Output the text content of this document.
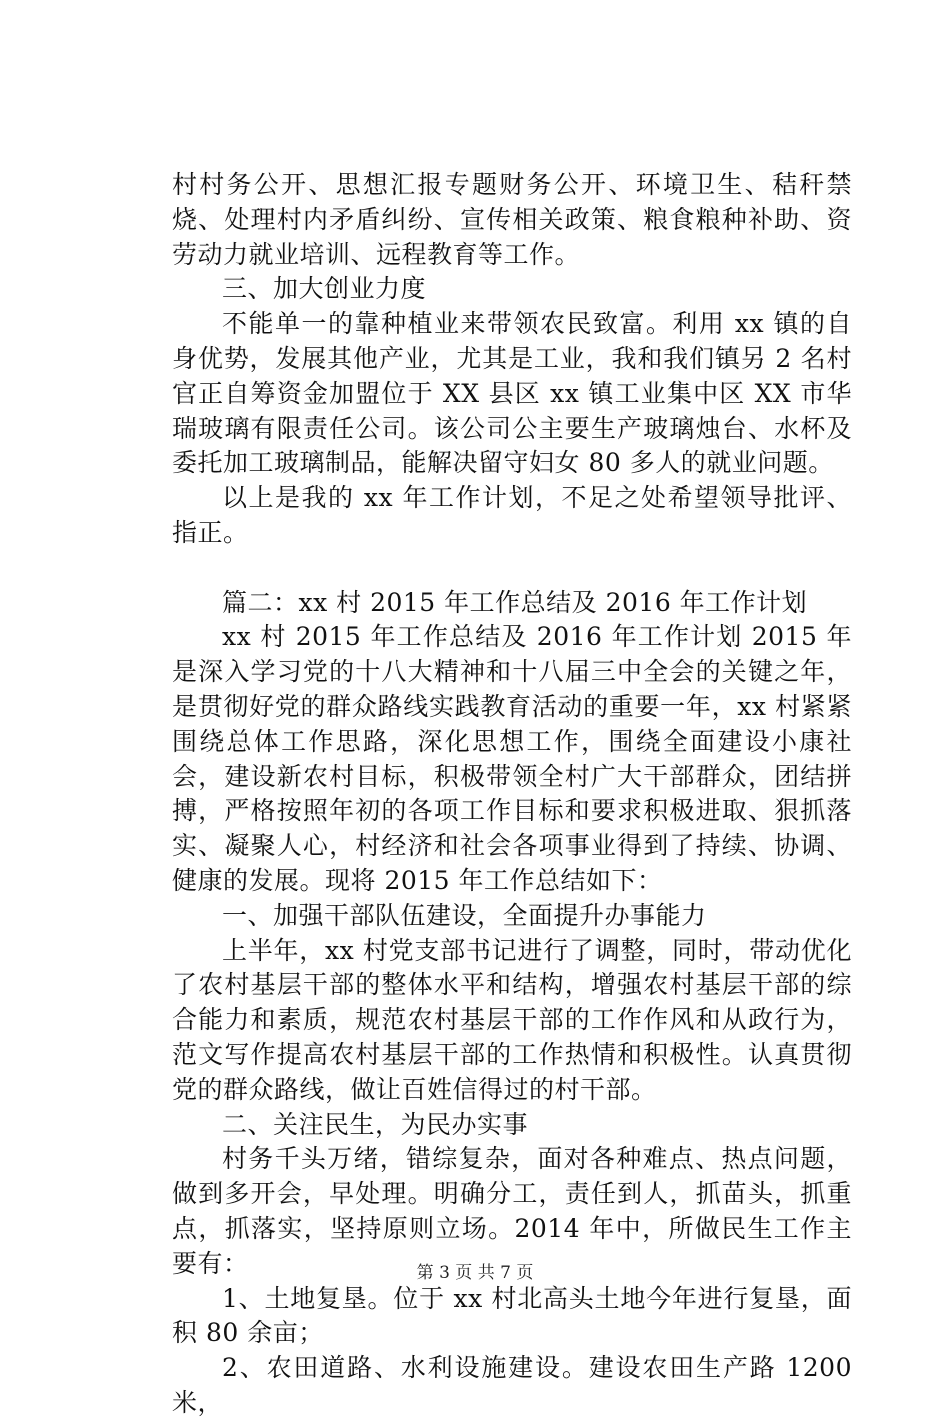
村村务公开、思想汇报专题财务公开、环境卫生、秸秆禁烧、处理村内矛盾纠纷、宣传相关政策、粮食粮种补助、资劳动力就业培训、远程教育等工作。

三、加大创业力度

不能单一的靠种植业来带领农民致富。利用 xx 镇的自身优势，发展其他产业，尤其是工业，我和我们镇另 2 名村官正自筹资金加盟位于 XX 县区 xx 镇工业集中区 XX 市华瑞玻璃有限责任公司。该公司公主要生产玻璃烛台、水杯及委托加工玻璃制品，能解决留守妇女 80 多人的就业问题。

以上是我的 xx 年工作计划，不足之处希望领导批评、指正。

篇二：xx 村 2015 年工作总结及 2016 年工作计划

xx 村 2015 年工作总结及 2016 年工作计划 2015 年是深入学习党的十八大精神和十八届三中全会的关键之年，是贯彻好党的群众路线实践教育活动的重要一年，xx 村紧紧围绕总体工作思路，深化思想工作，围绕全面建设小康社会，建设新农村目标，积极带领全村广大干部群众，团结拼搏，严格按照年初的各项工作目标和要求积极进取、狠抓落实、凝聚人心，村经济和社会各项事业得到了持续、协调、健康的发展。现将 2015 年工作总结如下：

一、加强干部队伍建设，全面提升办事能力

上半年，xx 村党支部书记进行了调整，同时，带动优化了农村基层干部的整体水平和结构，增强农村基层干部的综合能力和素质，规范农村基层干部的工作作风和从政行为，范文写作提高农村基层干部的工作热情和积极性。认真贯彻党的群众路线，做让百姓信得过的村干部。

二、关注民生，为民办实事

村务千头万绪，错综复杂，面对各种难点、热点问题，做到多开会，早处理。明确分工，责任到人，抓苗头，抓重点，抓落实，坚持原则立场。2014 年中，所做民生工作主要有：

1、土地复垦。位于 xx 村北高头土地今年进行复垦，面积 80 余亩；

2、农田道路、水利设施建设。建设农田生产路 1200 米，

第 3 页 共 7 页
